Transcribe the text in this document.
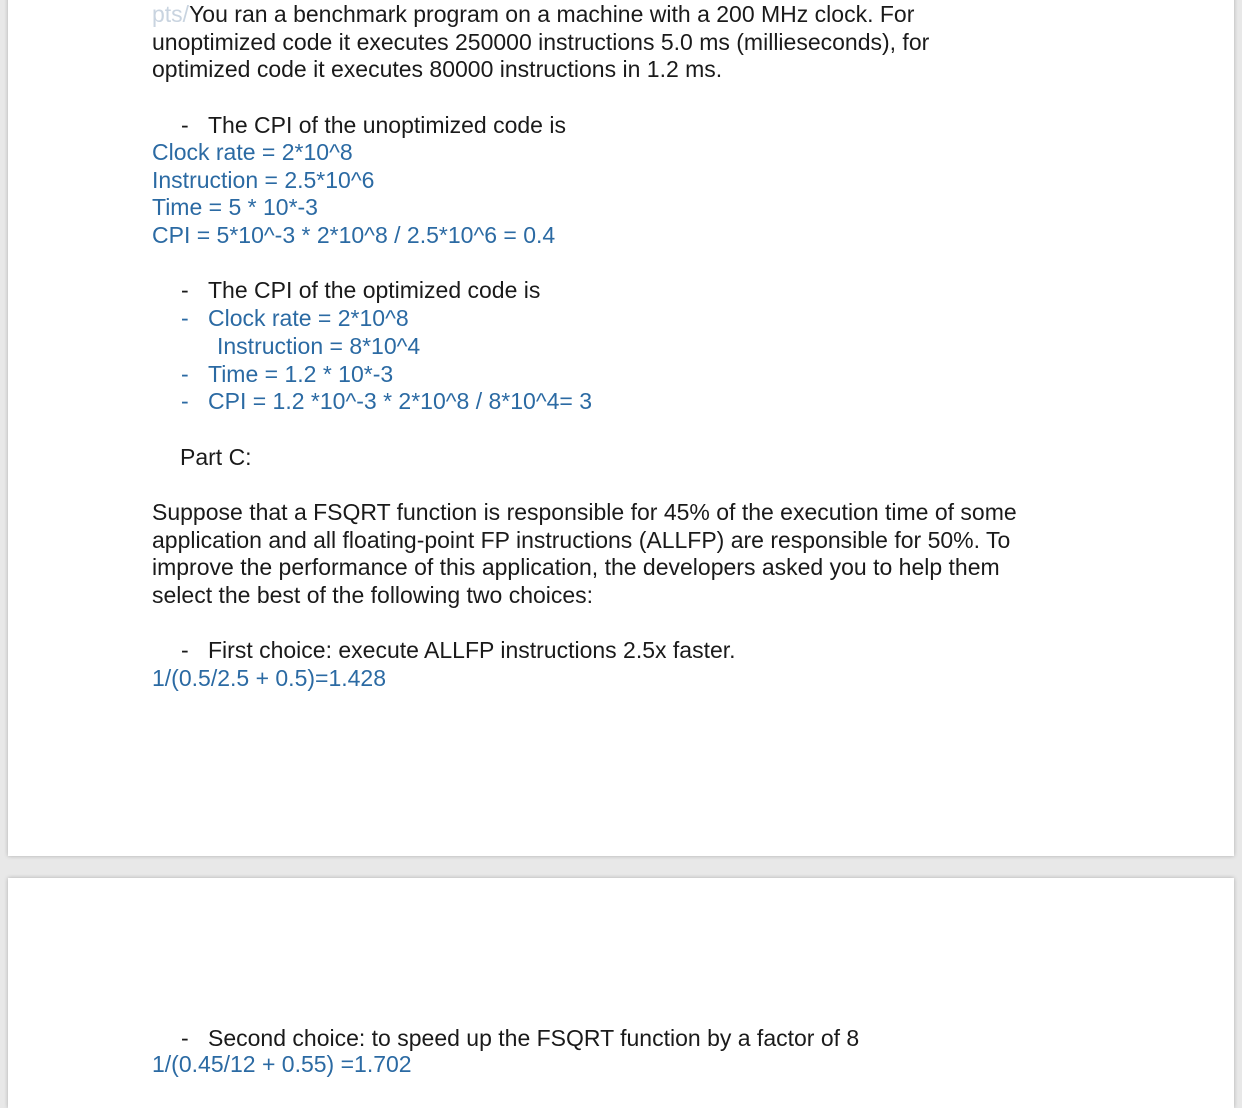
pts/You ran a benchmark program on a machine with a 200 MHz clock. For
unoptimized code it executes 250000 instructions 5.0 ms (millieseconds), for
optimized code it executes 80000 instructions in 1.2 ms.
- The CPI of the unoptimized code is
Clock rate = 2*10^8
Instruction = 2.5*10^6
Time = 5 * 10*-3
CPI = 5*10^-3 * 2*10^8 / 2.5*10^6 = 0.4
- The CPI of the optimized code is
- Clock rate = 2*10^8
Instruction = 8*10^4
- Time = 1.2 * 10*-3
- CPI = 1.2 *10^-3 * 2*10^8 / 8*10^4= 3
Part C:
Suppose that a FSQRT function is responsible for 45% of the execution time of some
application and all floating-point FP instructions (ALLFP) are responsible for 50%. To
improve the performance of this application, the developers asked you to help them
select the best of the following two choices:
- First choice: execute ALLFP instructions 2.5x faster.
1/(0.5/2.5 + 0.5)=1.428
- Second choice: to speed up the FSQRT function by a factor of 8
1/(0.45/12 + 0.55) =1.702
